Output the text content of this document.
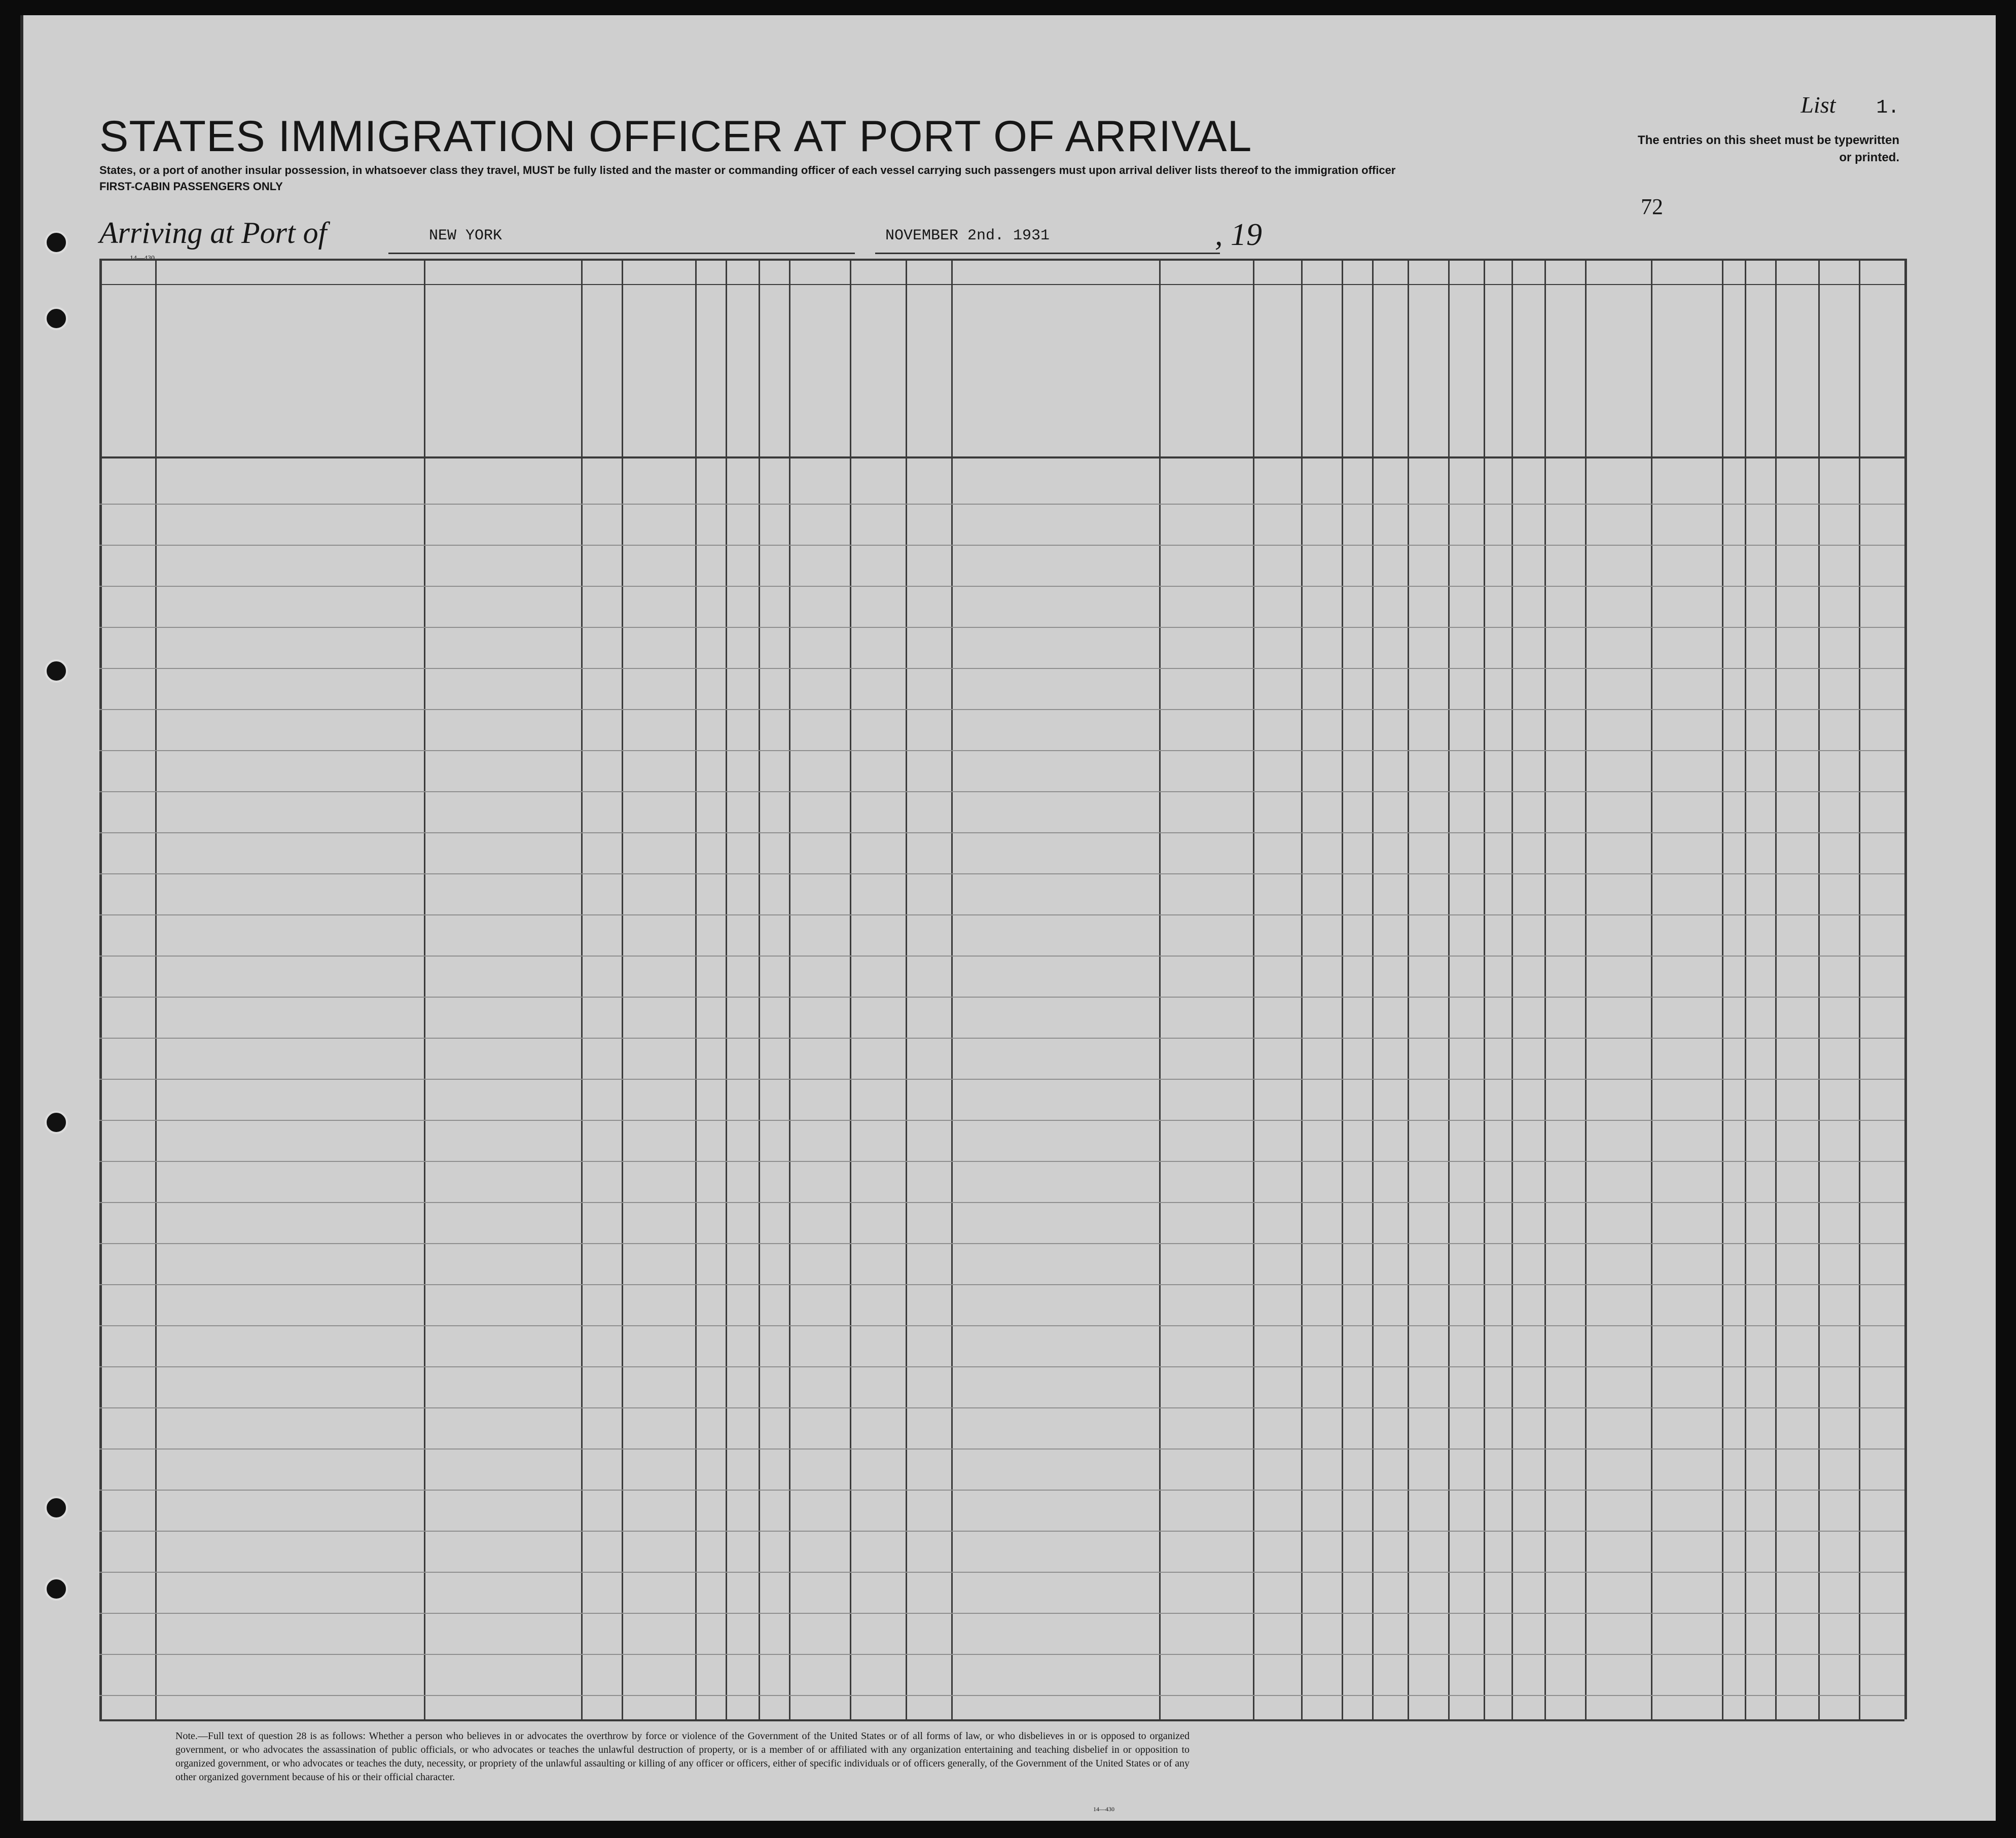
STATES IMMIGRATION OFFICER AT PORT OF ARRIVAL
List 1.
The entries on this sheet must be typewritten or printed.
States, or a port of another insular possession, in whatsoever class they travel, MUST be fully listed and the master or commanding officer of each vessel carrying such passengers must upon arrival deliver lists thereof to the immigration officer
FIRST-CABIN PASSENGERS ONLY
72
Arriving at Port of	NEW YORK	NOVEMBER 2nd. 1931	, 19
Note.—Full text of question 28 is as follows: Whether a person who believes in or advocates the overthrow by force or violence of the Government of the United States or of all forms of law, or who disbelieves in or is opposed to organized government, or who advocates the assassination of public officials, or who advocates or teaches the unlawful destruction of property, or is a member of or affiliated with any organization entertaining and teaching disbelief in or opposition to organized government, or who advocates or teaches the duty, necessity, or propriety of the unlawful assaulting or killing of any officer or officers, either of specific individuals or of officers generally, of the Government of the United States or of any other organized government because of his or their official character.
14—430
